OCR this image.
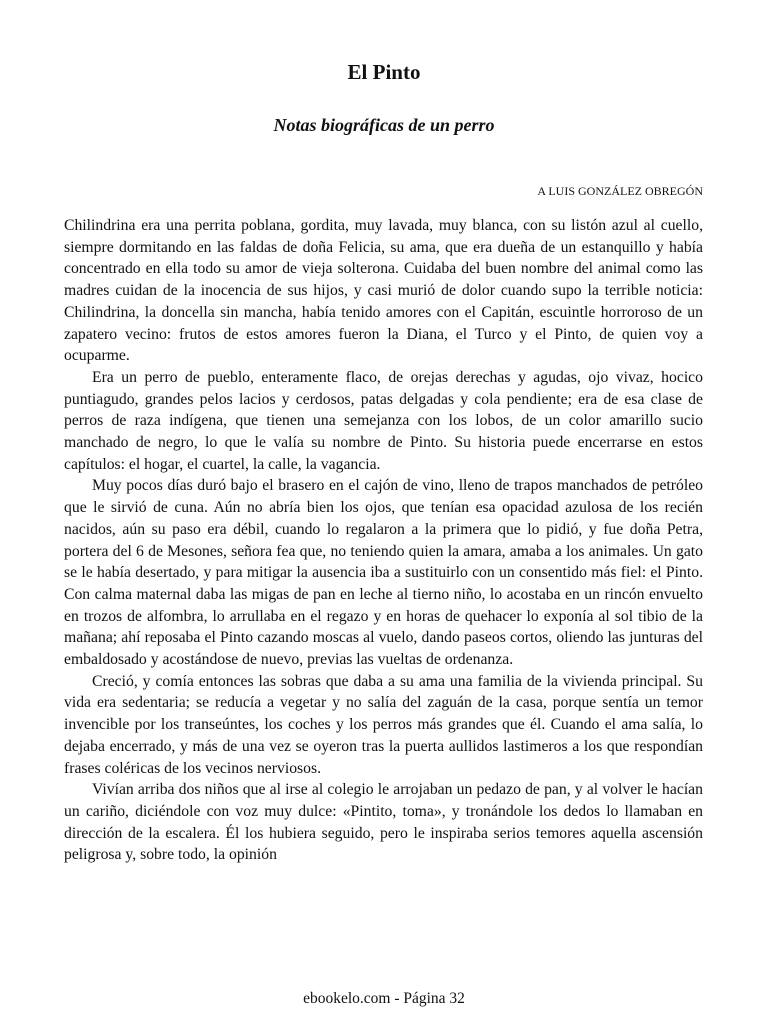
El Pinto
Notas biográficas de un perro

A LUIS GONZÁLEZ OBREGÓN

Chilindrina era una perrita poblana, gordita, muy lavada, muy blanca, con su listón azul al cuello, siempre dormitando en las faldas de doña Felicia, su ama, que era dueña de un estanquillo y había concentrado en ella todo su amor de vieja solterona. Cuidaba del buen nombre del animal como las madres cuidan de la inocencia de sus hijos, y casi murió de dolor cuando supo la terrible noticia: Chilindrina, la doncella sin mancha, había tenido amores con el Capitán, escuintle horroroso de un zapatero vecino: frutos de estos amores fueron la Diana, el Turco y el Pinto, de quien voy a ocuparme.

Era un perro de pueblo, enteramente flaco, de orejas derechas y agudas, ojo vivaz, hocico puntiagudo, grandes pelos lacios y cerdosos, patas delgadas y cola pendiente; era de esa clase de perros de raza indígena, que tienen una semejanza con los lobos, de un color amarillo sucio manchado de negro, lo que le valía su nombre de Pinto. Su historia puede encerrarse en estos capítulos: el hogar, el cuartel, la calle, la vagancia.

Muy pocos días duró bajo el brasero en el cajón de vino, lleno de trapos manchados de petróleo que le sirvió de cuna. Aún no abría bien los ojos, que tenían esa opacidad azulosa de los recién nacidos, aún su paso era débil, cuando lo regalaron a la primera que lo pidió, y fue doña Petra, portera del 6 de Mesones, señora fea que, no teniendo quien la amara, amaba a los animales. Un gato se le había desertado, y para mitigar la ausencia iba a sustituirlo con un consentido más fiel: el Pinto. Con calma maternal daba las migas de pan en leche al tierno niño, lo acostaba en un rincón envuelto en trozos de alfombra, lo arrullaba en el regazo y en horas de quehacer lo exponía al sol tibio de la mañana; ahí reposaba el Pinto cazando moscas al vuelo, dando paseos cortos, oliendo las junturas del embaldosado y acostándose de nuevo, previas las vueltas de ordenanza.

Creció, y comía entonces las sobras que daba a su ama una familia de la vivienda principal. Su vida era sedentaria; se reducía a vegetar y no salía del zaguán de la casa, porque sentía un temor invencible por los transeúntes, los coches y los perros más grandes que él. Cuando el ama salía, lo dejaba encerrado, y más de una vez se oyeron tras la puerta aullidos lastimeros a los que respondían frases coléricas de los vecinos nerviosos.

Vivían arriba dos niños que al irse al colegio le arrojaban un pedazo de pan, y al volver le hacían un cariño, diciéndole con voz muy dulce: «Pintito, toma», y tronándole los dedos lo llamaban en dirección de la escalera. Él los hubiera seguido, pero le inspiraba serios temores aquella ascensión peligrosa y, sobre todo, la opinión

ebookelo.com - Página 32
